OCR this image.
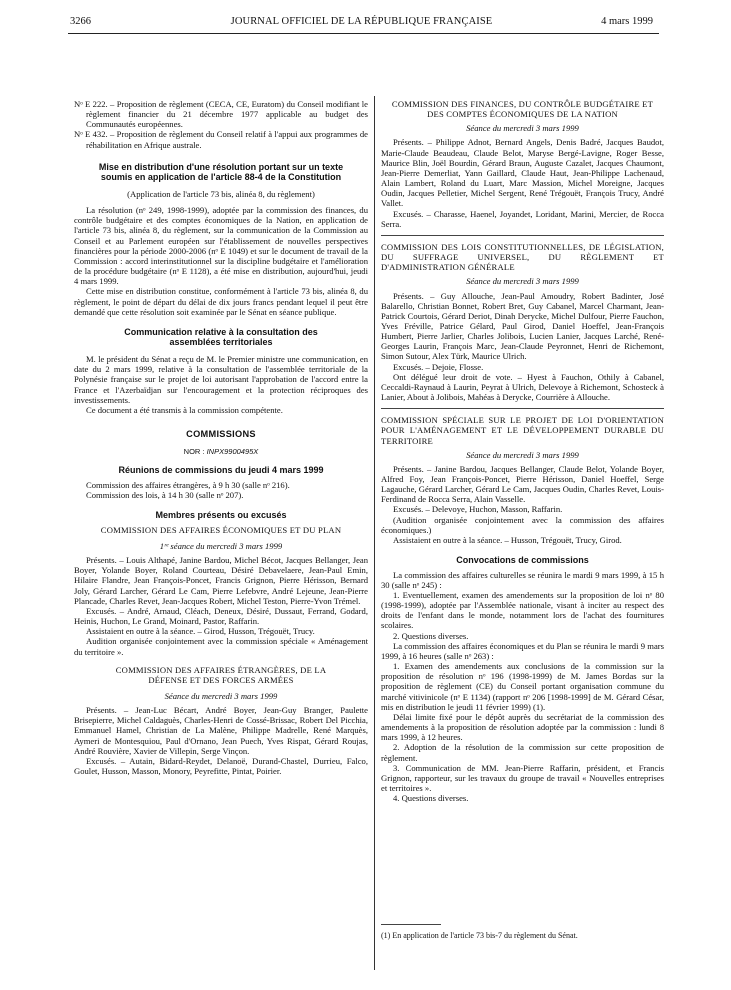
3266	JOURNAL OFFICIEL DE LA RÉPUBLIQUE FRANÇAISE	4 mars 1999

Nᵒ E 222. – Proposition de règlement (CECA, CE, Euratom) du Conseil modifiant le règlement financier du 21 décembre 1977 applicable au budget des Communautés européennes.

Nᵒ E 432. – Proposition de règlement du Conseil relatif à l'appui aux programmes de réhabilitation en Afrique australe.

Mise en distribution d'une résolution portant sur un texte soumis en application de l'article 88-4 de la Constitution

(Application de l'article 73 bis, alinéa 8, du règlement)

La résolution (nᵒ 249, 1998-1999), adoptée par la commission des finances, du contrôle budgétaire et des comptes économiques de la Nation, en application de l'article 73 bis, alinéa 8, du règlement, sur la communication de la Commission au Conseil et au Parlement européen sur l'établissement de nouvelles perspectives financières pour la période 2000-2006 (nᵒ E 1049) et sur le document de travail de la Commission : accord interinstitutionnel sur la discipline budgétaire et l'amélioration de la procédure budgétaire (nᵒ E 1128), a été mise en distribution, aujourd'hui, jeudi 4 mars 1999.

Cette mise en distribution constitue, conformément à l'article 73 bis, alinéa 8, du règlement, le point de départ du délai de dix jours francs pendant lequel il peut être demandé que cette résolution soit examinée par le Sénat en séance publique.

Communication relative à la consultation des assemblées territoriales

M. le président du Sénat a reçu de M. le Premier ministre une communication, en date du 2 mars 1999, relative à la consultation de l'assemblée territoriale de la Polynésie française sur le projet de loi autorisant l'approbation de l'accord entre la France et l'Azerbaïdjan sur l'encouragement et la protection réciproques des investissements.

Ce document a été transmis à la commission compétente.

COMMISSIONS

NOR : INPX9900495X

Réunions de commissions du jeudi 4 mars 1999

Commission des affaires étrangères, à 9 h 30 (salle nᵒ 216).

Commission des lois, à 14 h 30 (salle nᵒ 207).

Membres présents ou excusés

COMMISSION DES AFFAIRES ÉCONOMIQUES ET DU PLAN

1ʳᵉ séance du mercredi 3 mars 1999

Présents. – Louis Althapé, Janine Bardou, Michel Bécot, Jacques Bellanger, Jean Boyer, Yolande Boyer, Roland Courteau, Désiré Debavelaere, Jean-Paul Emin, Hilaire Flandre, Jean François-Poncet, Francis Grignon, Pierre Hérisson, Bernard Joly, Gérard Larcher, Gérard Le Cam, Pierre Lefebvre, André Lejeune, Jean-Pierre Plancade, Charles Revet, Jean-Jacques Robert, Michel Teston, Pierre-Yvon Trémel.

Excusés. – André, Arnaud, Cléach, Deneux, Désiré, Dussaut, Ferrand, Godard, Heinis, Huchon, Le Grand, Moinard, Pastor, Raffarin.

Assistaient en outre à la séance. – Girod, Husson, Trégouët, Trucy.

Audition organisée conjointement avec la commission spéciale « Aménagement du territoire ».

COMMISSION DES AFFAIRES ÉTRANGÈRES, DE LA DÉFENSE ET DES FORCES ARMÉES

Séance du mercredi 3 mars 1999

Présents. – Jean-Luc Bécart, André Boyer, Jean-Guy Branger, Paulette Brisepierre, Michel Caldaguès, Charles-Henri de Cossé-Brissac, Robert Del Picchia, Emmanuel Hamel, Christian de La Malène, Philippe Madrelle, René Marquès, Aymeri de Montesquiou, Paul d'Ornano, Jean Puech, Yves Rispat, Gérard Roujas, André Rouvière, Xavier de Villepin, Serge Vinçon.

Excusés. – Autain, Bidard-Reydet, Delanoë, Durand-Chastel, Durrieu, Falco, Goulet, Husson, Masson, Monory, Peyrefitte, Pintat, Poirier.

COMMISSION DES FINANCES, DU CONTRÔLE BUDGÉTAIRE ET DES COMPTES ÉCONOMIQUES DE LA NATION

Séance du mercredi 3 mars 1999

Présents. – Philippe Adnot, Bernard Angels, Denis Badré, Jacques Baudot, Marie-Claude Beaudeau, Claude Belot, Maryse Bergé-Lavigne, Roger Besse, Maurice Blin, Joël Bourdin, Gérard Braun, Auguste Cazalet, Jacques Chaumont, Jean-Pierre Demerliat, Yann Gaillard, Claude Haut, Jean-Philippe Lachenaud, Alain Lambert, Roland du Luart, Marc Massion, Michel Moreigne, Jacques Oudin, Jacques Pelletier, Michel Sergent, René Trégouët, François Trucy, André Vallet.

Excusés. – Charasse, Haenel, Joyandet, Loridant, Marini, Mercier, de Rocca Serra.

COMMISSION DES LOIS CONSTITUTIONNELLES, DE LÉGISLATION, DU SUFFRAGE UNIVERSEL, DU RÈGLEMENT ET D'ADMINISTRATION GÉNÉRALE

Séance du mercredi 3 mars 1999

Présents. – Guy Allouche, Jean-Paul Amoudry, Robert Badinter, José Balarello, Christian Bonnet, Robert Bret, Guy Cabanel, Marcel Charmant, Jean-Patrick Courtois, Gérard Deriot, Dinah Derycke, Michel Dulfour, Pierre Fauchon, Yves Fréville, Patrice Gélard, Paul Girod, Daniel Hoeffel, Jean-François Humbert, Pierre Jarlier, Charles Jolibois, Lucien Lanier, Jacques Larché, René-Georges Laurin, François Marc, Jean-Claude Peyronnet, Henri de Richemont, Simon Sutour, Alex Türk, Maurice Ulrich.

Excusés. – Dejoie, Flosse.

Ont délégué leur droit de vote. – Hyest à Fauchon, Othily à Cabanel, Ceccaldi-Raynaud à Laurin, Peyrat à Ulrich, Delevoye à Richemont, Schosteck à Lanier, About à Jolibois, Mahéas à Derycke, Courrière à Allouche.

COMMISSION SPÉCIALE SUR LE PROJET DE LOI D'ORIENTATION POUR L'AMÉNAGEMENT ET LE DÉVELOPPEMENT DURABLE DU TERRITOIRE

Séance du mercredi 3 mars 1999

Présents. – Janine Bardou, Jacques Bellanger, Claude Belot, Yolande Boyer, Alfred Foy, Jean François-Poncet, Pierre Hérisson, Daniel Hoeffel, Serge Lagauche, Gérard Larcher, Gérard Le Cam, Jacques Oudin, Charles Revet, Louis-Ferdinand de Rocca Serra, Alain Vasselle.

Excusés. – Delevoye, Huchon, Masson, Raffarin.

(Audition organisée conjointement avec la commission des affaires économiques.)

Assistaient en outre à la séance. – Husson, Trégouët, Trucy, Girod.

Convocations de commissions

La commission des affaires culturelles se réunira le mardi 9 mars 1999, à 15 h 30 (salle nᵒ 245) :

1. Eventuellement, examen des amendements sur la proposition de loi nᵒ 80 (1998-1999), adoptée par l'Assemblée nationale, visant à inciter au respect des droits de l'enfant dans le monde, notamment lors de l'achat des fournitures scolaires.

2. Questions diverses.

La commission des affaires économiques et du Plan se réunira le mardi 9 mars 1999, à 16 heures (salle nᵒ 263) :

1. Examen des amendements aux conclusions de la commission sur la proposition de résolution nᵒ 196 (1998-1999) de M. James Bordas sur la proposition de règlement (CE) du Conseil portant organisation commune du marché vitivinicole (nᵒ E 1134) (rapport nᵒ 206 [1998-1999] de M. Gérard César, mis en distribution le jeudi 11 février 1999) (1).

Délai limite fixé pour le dépôt auprès du secrétariat de la commission des amendements à la proposition de résolution adoptée par la commission : lundi 8 mars 1999, à 12 heures.

2. Adoption de la résolution de la commission sur cette proposition de règlement.

3. Communication de MM. Jean-Pierre Raffarin, président, et Francis Grignon, rapporteur, sur les travaux du groupe de travail « Nouvelles entreprises et territoires ».

4. Questions diverses.

(1) En application de l'article 73 bis-7 du règlement du Sénat.
